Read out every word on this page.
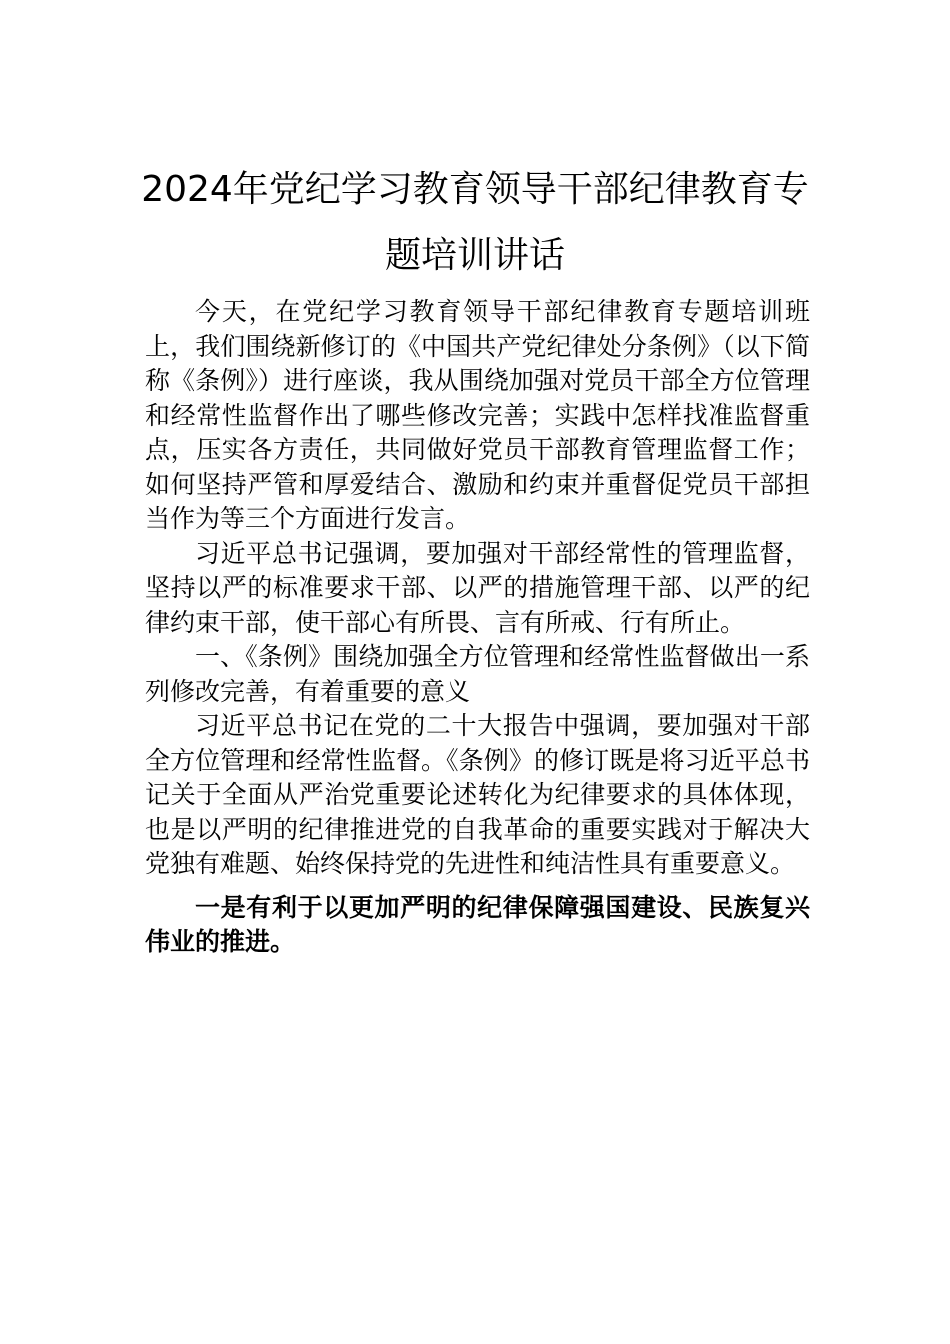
2024年党纪学习教育领导干部纪律教育专
题培训讲话

今天，在党纪学习教育领导干部纪律教育专题培训班上，我们围绕新修订的《中国共产党纪律处分条例》（以下简称《条例》）进行座谈，我从围绕加强对党员干部全方位管理和经常性监督作出了哪些修改完善；实践中怎样找准监督重点，压实各方责任，共同做好党员干部教育管理监督工作；如何坚持严管和厚爱结合、激励和约束并重督促党员干部担当作为等三个方面进行发言。

习近平总书记强调，要加强对干部经常性的管理监督，坚持以严的标准要求干部、以严的措施管理干部、以严的纪律约束干部，使干部心有所畏、言有所戒、行有所止。

一、《条例》围绕加强全方位管理和经常性监督做出一系列修改完善，有着重要的意义

习近平总书记在党的二十大报告中强调，要加强对干部全方位管理和经常性监督。《条例》的修订既是将习近平总书记关于全面从严治党重要论述转化为纪律要求的具体体现，也是以严明的纪律推进党的自我革命的重要实践对于解决大党独有难题、始终保持党的先进性和纯洁性具有重要意义。

一是有利于以更加严明的纪律保障强国建设、民族复兴伟业的推进。
